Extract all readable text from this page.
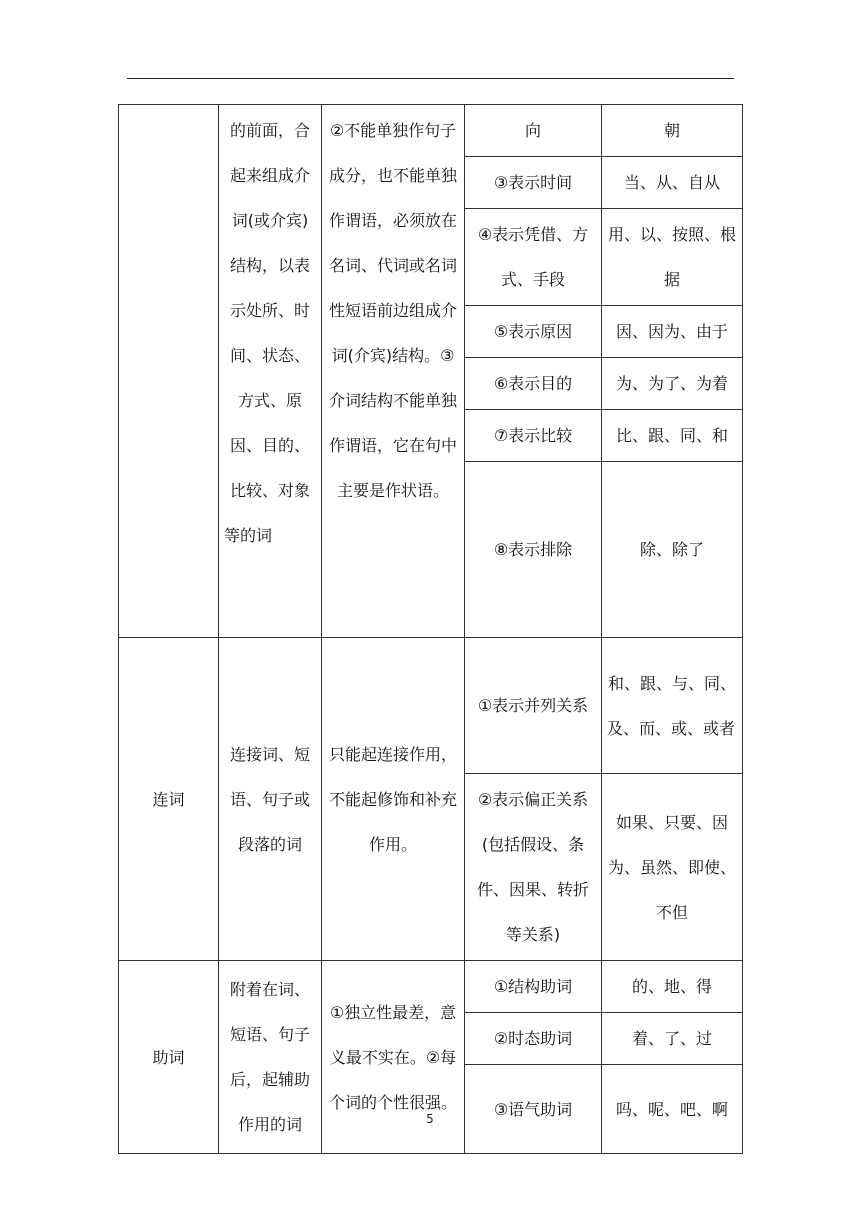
	的前面，合起来组成介词(或介宾)结构，以表示处所、时间、状态、方式、原因、目的、比较、对象等的词	②不能单独作句子成分，也不能单独作谓语，必须放在名词、代词或名词性短语前边组成介词(介宾)结构。③介词结构不能单独作谓语，它在句中主要是作状语。	向	朝
			③表示时间	当、从、自从
			④表示凭借、方式、手段	用、以、按照、根据
			⑤表示原因	因、因为、由于
			⑥表示目的	为、为了、为着
			⑦表示比较	比、跟、同、和
			⑧表示排除	除、除了

连词	连接词、短语、句子或段落的词	只能起连接作用，不能起修饰和补充作用。	①表示并列关系	和、跟、与、同、及、而、或、或者
			②表示偏正关系(包括假设、条件、因果、转折等关系)	如果、只要、因为、虽然、即使、不但
助词	附着在词、短语、句子后，起辅助作用的词	①独立性最差，意义最不实在。②每个词的个性很强。	①结构助词	的、地、得
			②时态助词	着、了、过
			③语气助词	吗、呢、吧、啊
5
